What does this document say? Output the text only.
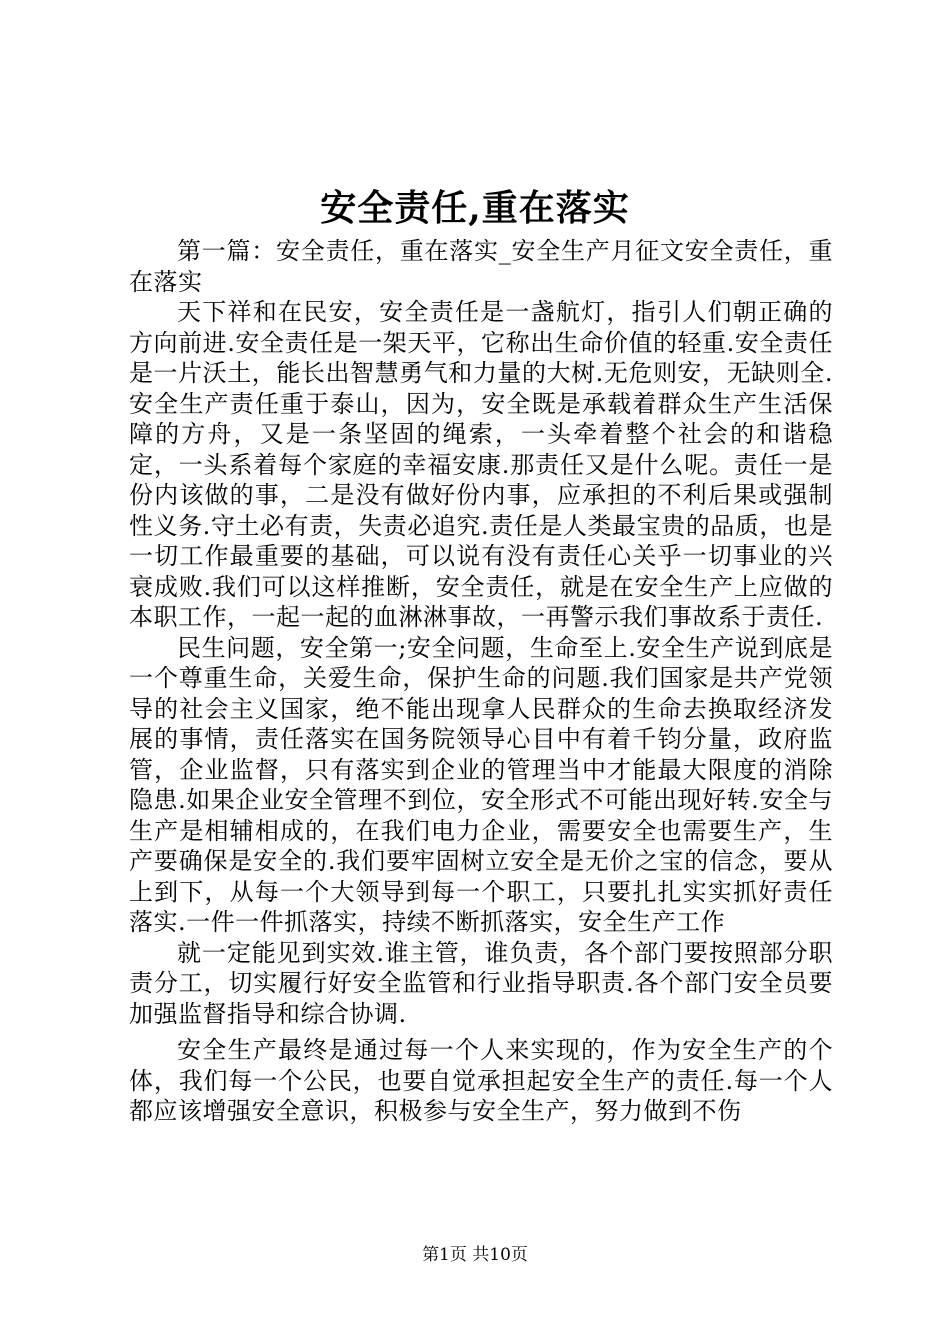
安全责任,重在落实

第一篇：安全责任，重在落实_安全生产月征文安全责任，重在落实

天下祥和在民安，安全责任是一盏航灯，指引人们朝正确的方向前进.安全责任是一架天平，它称出生命价值的轻重.安全责任是一片沃土，能长出智慧勇气和力量的大树.无危则安，无缺则全.安全生产责任重于泰山，因为，安全既是承载着群众生产生活保障的方舟，又是一条坚固的绳索，一头牵着整个社会的和谐稳定，一头系着每个家庭的幸福安康.那责任又是什么呢。责任一是份内该做的事，二是没有做好份内事，应承担的不利后果或强制性义务.守土必有责，失责必追究.责任是人类最宝贵的品质，也是一切工作最重要的基础，可以说有没有责任心关乎一切事业的兴衰成败.我们可以这样推断，安全责任，就是在安全生产上应做的本职工作，一起一起的血淋淋事故，一再警示我们事故系于责任.

民生问题，安全第一;安全问题，生命至上.安全生产说到底是一个尊重生命，关爱生命，保护生命的问题.我们国家是共产党领导的社会主义国家，绝不能出现拿人民群众的生命去换取经济发展的事情，责任落实在国务院领导心目中有着千钧分量，政府监管，企业监督，只有落实到企业的管理当中才能最大限度的消除隐患.如果企业安全管理不到位，安全形式不可能出现好转.安全与生产是相辅相成的，在我们电力企业，需要安全也需要生产，生产要确保是安全的.我们要牢固树立安全是无价之宝的信念，要从上到下，从每一个大领导到每一个职工，只要扎扎实实抓好责任落实.一件一件抓落实，持续不断抓落实，安全生产工作

就一定能见到实效.谁主管，谁负责，各个部门要按照部分职责分工，切实履行好安全监管和行业指导职责.各个部门安全员要加强监督指导和综合协调.

安全生产最终是通过每一个人来实现的，作为安全生产的个体，我们每一个公民，也要自觉承担起安全生产的责任.每一个人都应该增强安全意识，积极参与安全生产，努力做到不伤

第1页 共10页
